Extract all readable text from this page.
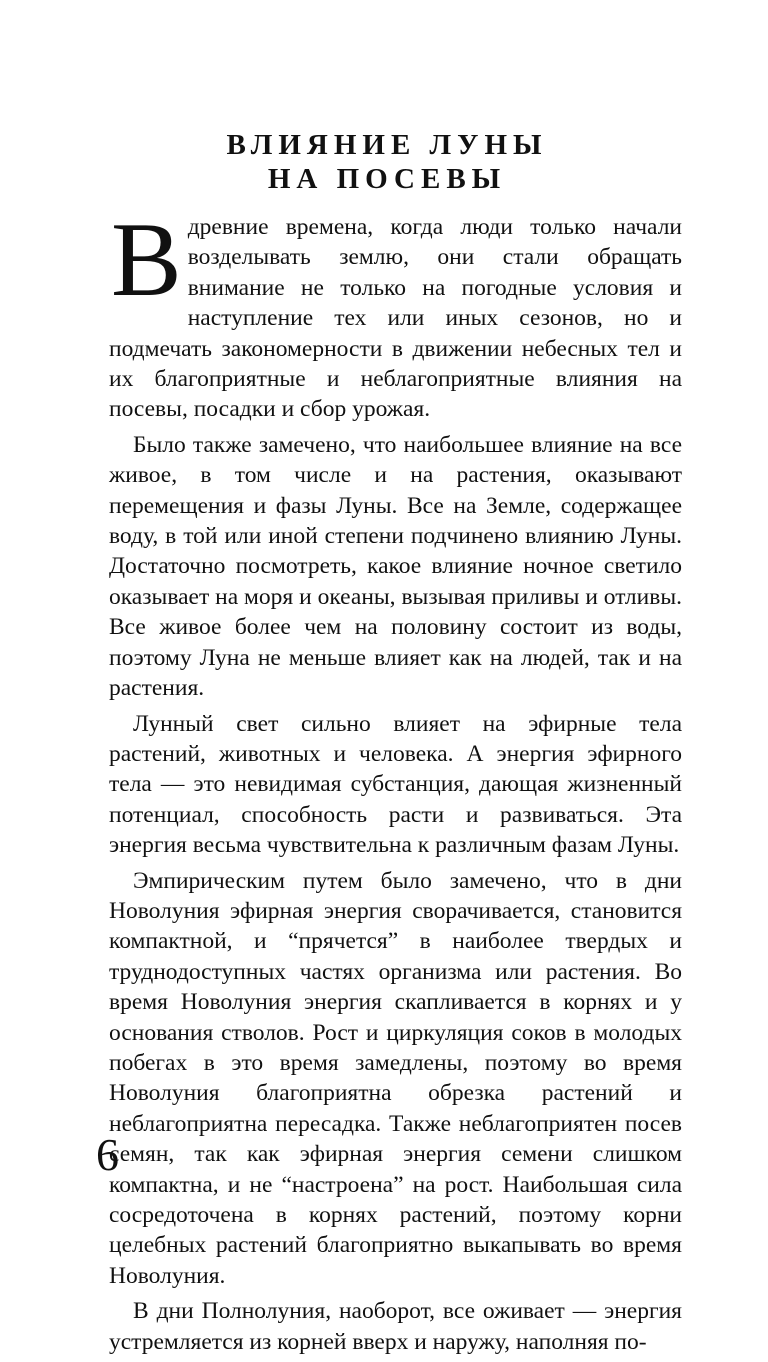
ВЛИЯНИЕ ЛУНЫ
НА ПОСЕВЫ

Вдревние времена, когда люди только начали возделывать землю, они стали обращать внимание не только на погодные условия и наступление тех или иных сезонов, но и подмечать закономерности в движении небесных тел и их благоприятные и неблагоприятные влияния на посевы, посадки и сбор урожая.

Было также замечено, что наибольшее влияние на все живое, в том числе и на растения, оказывают перемещения и фазы Луны. Все на Земле, содержащее воду, в той или иной степени подчинено влиянию Луны. Достаточно посмотреть, какое влияние ночное светило оказывает на моря и океаны, вызывая приливы и отливы. Все живое более чем на половину состоит из воды, поэтому Луна не меньше влияет как на людей, так и на растения.

Лунный свет сильно влияет на эфирные тела растений, животных и человека. А энергия эфирного тела — это невидимая субстанция, дающая жизненный потенциал, способность расти и развиваться. Эта энергия весьма чувствительна к различным фазам Луны.

Эмпирическим путем было замечено, что в дни Новолуния эфирная энергия сворачивается, становится компактной, и “прячется” в наиболее твердых и труднодоступных частях организма или растения. Во время Новолуния энергия скапливается в корнях и у основания стволов. Рост и циркуляция соков в молодых побегах в это время замедлены, поэтому во время Новолуния благоприятна обрезка растений и неблагоприятна пересадка. Также неблагоприятен посев семян, так как эфирная энергия семени слишком компактна, и не “настроена” на рост. Наибольшая сила сосредоточена в корнях растений, поэтому корни целебных растений благоприятно выкапывать во время Новолуния.

В дни Полнолуния, наоборот, все оживает — энергия устремляется из корней вверх и наружу, наполняя по-

6
